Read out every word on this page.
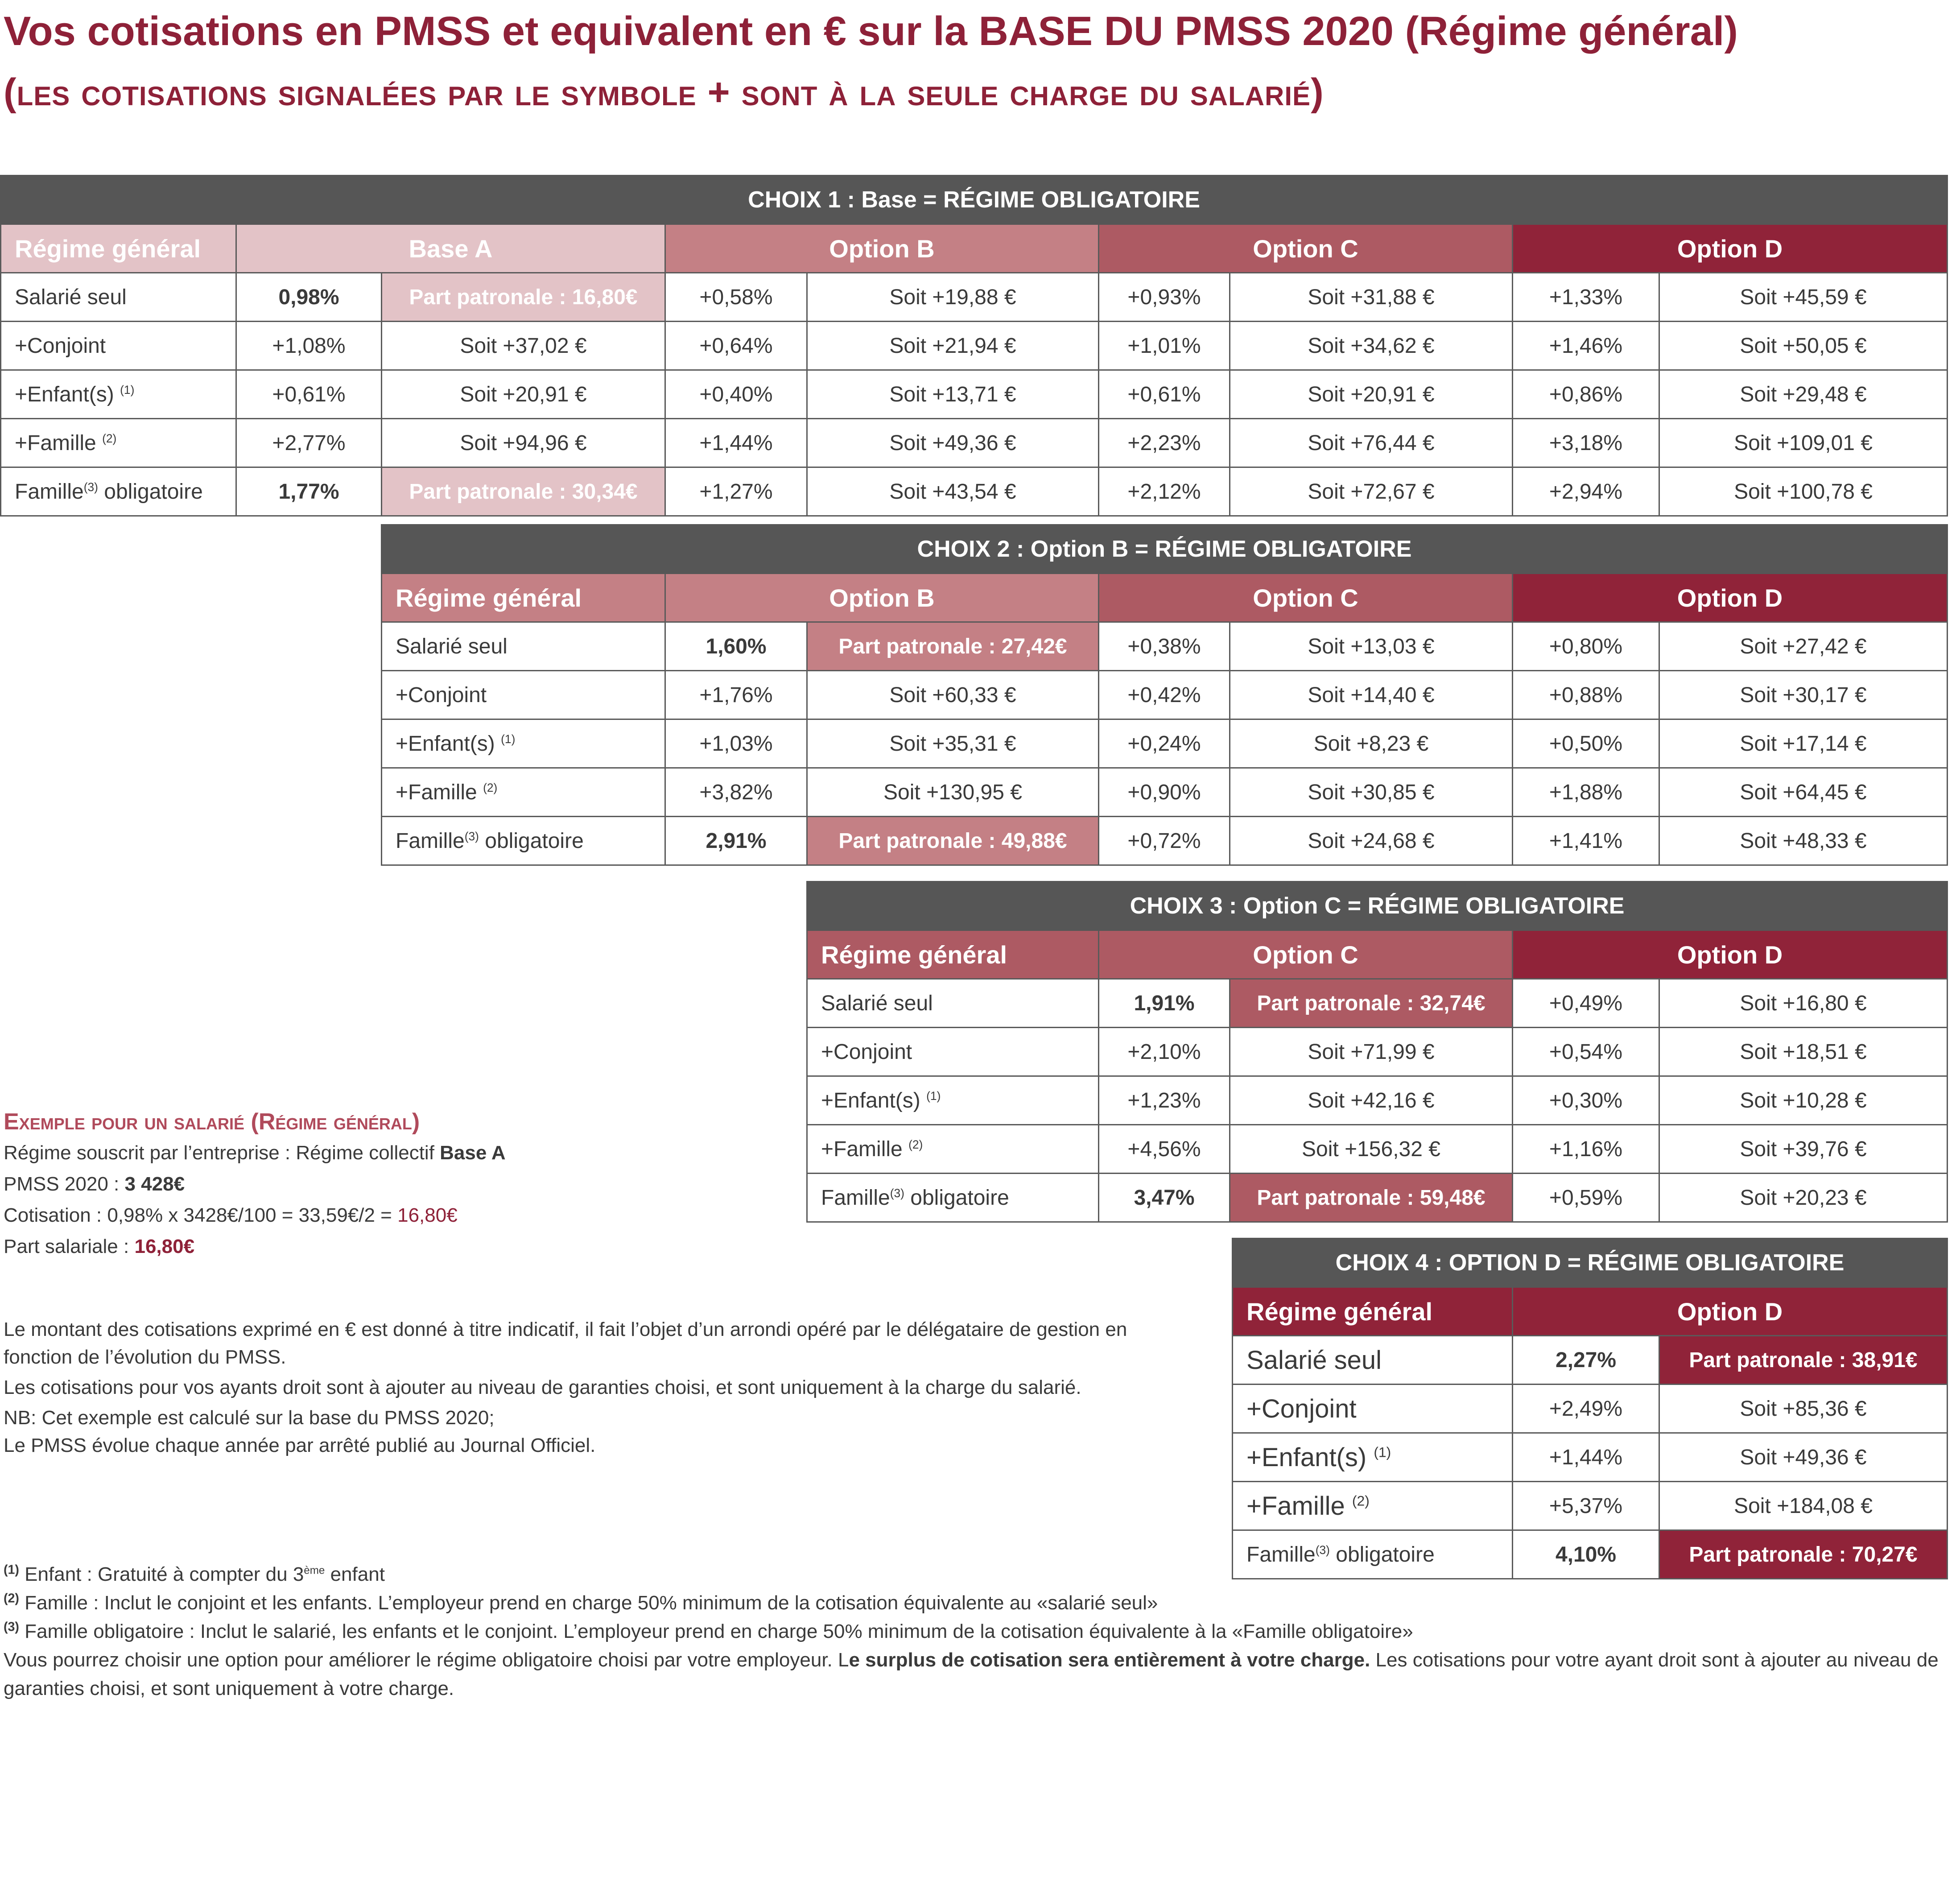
Vos cotisations en PMSS et equivalent en € sur la BASE DU PMSS 2020 (Régime général)
(les cotisations signalées par le symbole + sont à la seule charge du salarié)
CHOIX 1 : Base = RÉGIME OBLIGATOIRE								
Régime général	Base A		Option B		Option C		Option D	
Salarié seul	0,98%	Part patronale : 16,80€	+0,58%	Soit +19,88 €	+0,93%	Soit +31,88 €	+1,33%	Soit +45,59 €
+Conjoint	+1,08%	Soit +37,02 €	+0,64%	Soit +21,94 €	+1,01%	Soit +34,62 €	+1,46%	Soit +50,05 €
+Enfant(s) $^{(1)}$	+0,61%	Soit +20,91 €	+0,40%	Soit +13,71 €	+0,61%	Soit +20,91 €	+0,86%	Soit +29,48 €
+Famille $^{(2)}$	+2,77%	Soit +94,96 €	+1,44%	Soit +49,36 €	+2,23%	Soit +76,44 €	+3,18%	Soit +109,01 €
Famille$^{(3)}$ obligatoire	1,77%	Part patronale : 30,34€	+1,27%	Soit +43,54 €	+2,12%	Soit +72,67 €	+2,94%	Soit +100,78 €
CHOIX 2 : Option B = RÉGIME OBLIGATOIRE						
Régime général	Option B		Option C		Option D	
Salarié seul	1,60%	Part patronale : 27,42€	+0,38%	Soit +13,03 €	+0,80%	Soit +27,42 €
+Conjoint	+1,76%	Soit +60,33 €	+0,42%	Soit +14,40 €	+0,88%	Soit +30,17 €
+Enfant(s) $^{(1)}$	+1,03%	Soit +35,31 €	+0,24%	Soit +8,23 €	+0,50%	Soit +17,14 €
+Famille $^{(2)}$	+3,82%	Soit +130,95 €	+0,90%	Soit +30,85 €	+1,88%	Soit +64,45 €
Famille$^{(3)}$ obligatoire	2,91%	Part patronale : 49,88€	+0,72%	Soit +24,68 €	+1,41%	Soit +48,33 €
CHOIX 3 : Option C = RÉGIME OBLIGATOIRE				
Régime général	Option C		Option D	
Salarié seul	1,91%	Part patronale : 32,74€	+0,49%	Soit +16,80 €
+Conjoint	+2,10%	Soit +71,99 €	+0,54%	Soit +18,51 €
+Enfant(s) $^{(1)}$	+1,23%	Soit +42,16 €	+0,30%	Soit +10,28 €
+Famille $^{(2)}$	+4,56%	Soit +156,32 €	+1,16%	Soit +39,76 €
Famille$^{(3)}$ obligatoire	3,47%	Part patronale : 59,48€	+0,59%	Soit +20,23 €
CHOIX 4 : OPTION D = RÉGIME OBLIGATOIRE		
Régime général	Option D	
Salarié seul	2,27%	Part patronale : 38,91€
+Conjoint	+2,49%	Soit +85,36 €
+Enfant(s) $^{(1)}$	+1,44%	Soit +49,36 €
+Famille $^{(2)}$	+5,37%	Soit +184,08 €
Famille$^{(3)}$ obligatoire	4,10%	Part patronale : 70,27€
Exemple pour un salarié (Régime général)
Régime souscrit par l’entreprise : Régime collectif Base A
PMSS 2020 : 3 428€
Cotisation : 0,98% x 3428€/100 = 33,59€/2 = 16,80€
Part salariale : 16,80€

Le montant des cotisations exprimé en € est donné à titre indicatif, il fait l’objet d’un arrondi opéré par le délégataire de gestion en fonction de l’évolution du PMSS.

Les cotisations pour vos ayants droit sont à ajouter au niveau de garanties choisi, et sont uniquement à la charge du salarié.

NB: Cet exemple est calculé sur la base du PMSS 2020;
Le PMSS évolue chaque année par arrêté publié au Journal Officiel.

$^{(1)}$ Enfant : Gratuité à compter du 3ème enfant

$^{(2)}$ Famille : Inclut le conjoint et les enfants. L’employeur prend en charge 50% minimum de la cotisation équivalente au «salarié seul»

$^{(3)}$ Famille obligatoire : Inclut le salarié, les enfants et le conjoint. L’employeur prend en charge 50% minimum de la cotisation équivalente à la «Famille obligatoire»

Vous pourrez choisir une option pour améliorer le régime obligatoire choisi par votre employeur. Le surplus de cotisation sera entièrement à votre charge. Les cotisations pour votre ayant droit sont à ajouter au niveau de garanties choisi, et sont uniquement à votre charge.
